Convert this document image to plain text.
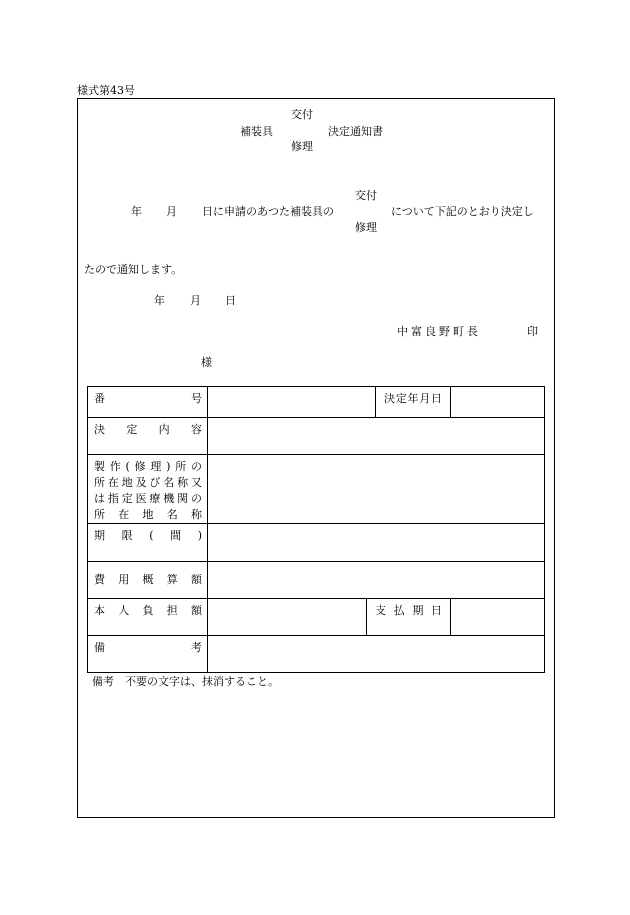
様式第43号
補装具
交付
修理
決定通知書
年 月 日に申請のあつた補装具の
交付
修理
について下記のとおり決定し
たので通知します。
年 月 日
中富良野町長	印
様
番号			決定年月日	

決定内容				

製作(修理)所の
所在地及び名称又
は指定医療機関の
所在地名称				

期限(間)				

費用概算額				

本人負担額		支払期日		

備考				

備考　不要の文字は、抹消すること。
